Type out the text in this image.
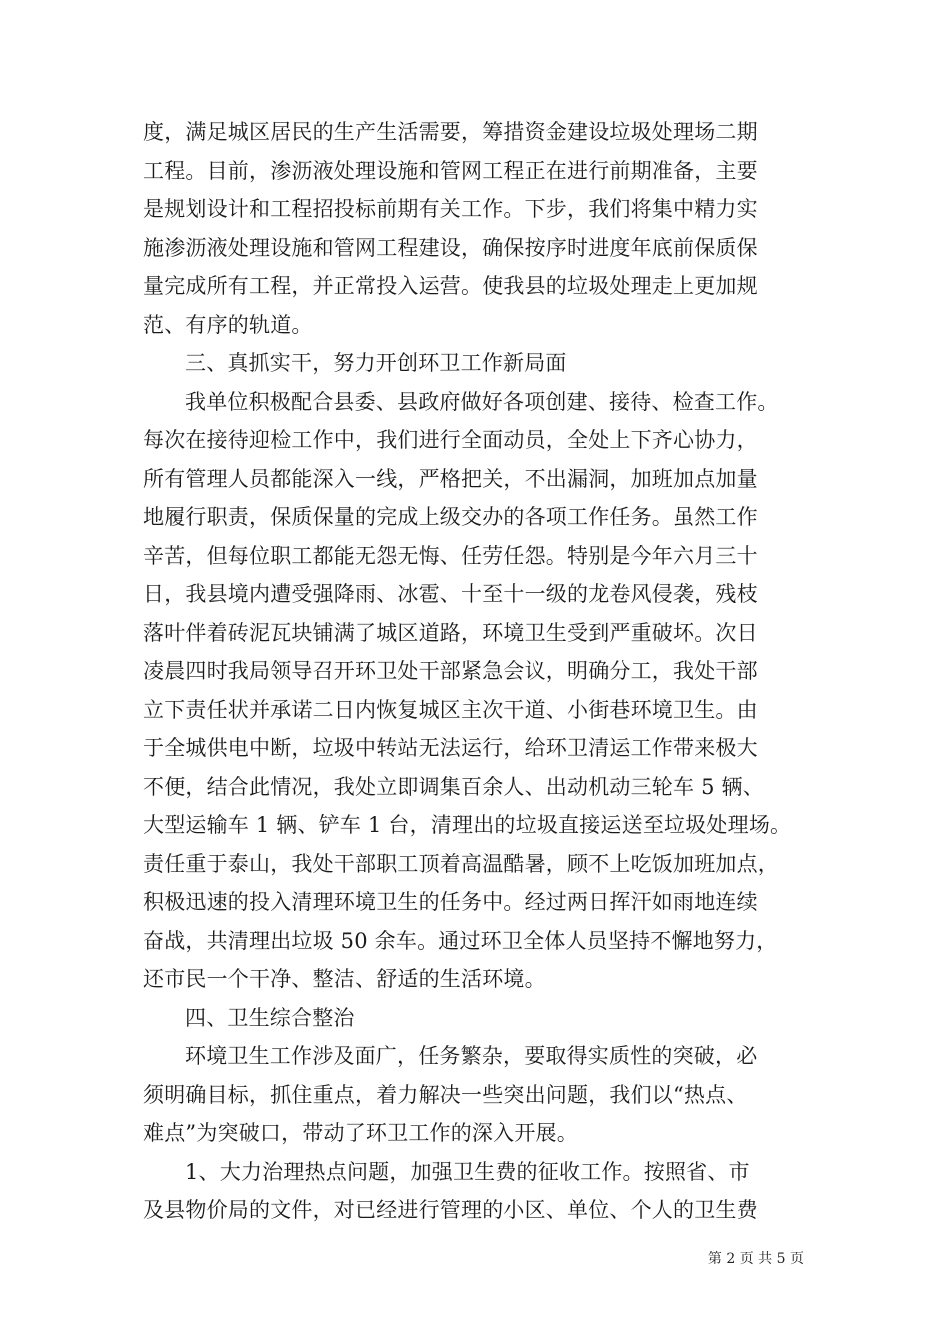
度，满足城区居民的生产生活需要，筹措资金建设垃圾处理场二期
工程。目前，渗沥液处理设施和管网工程正在进行前期准备，主要
是规划设计和工程招投标前期有关工作。下步，我们将集中精力实
施渗沥液处理设施和管网工程建设，确保按序时进度年底前保质保
量完成所有工程，并正常投入运营。使我县的垃圾处理走上更加规
范、有序的轨道。
三、真抓实干，努力开创环卫工作新局面
我单位积极配合县委、县政府做好各项创建、接待、检查工作。
每次在接待迎检工作中，我们进行全面动员，全处上下齐心协力，
所有管理人员都能深入一线，严格把关，不出漏洞，加班加点加量
地履行职责，保质保量的完成上级交办的各项工作任务。虽然工作
辛苦，但每位职工都能无怨无悔、任劳任怨。特别是今年六月三十
日，我县境内遭受强降雨、冰雹、十至十一级的龙卷风侵袭，残枝
落叶伴着砖泥瓦块铺满了城区道路，环境卫生受到严重破坏。次日
凌晨四时我局领导召开环卫处干部紧急会议，明确分工，我处干部
立下责任状并承诺二日内恢复城区主次干道、小街巷环境卫生。由
于全城供电中断，垃圾中转站无法运行，给环卫清运工作带来极大
不便，结合此情况，我处立即调集百余人、出动机动三轮车 5 辆、
大型运输车 1 辆、铲车 1 台，清理出的垃圾直接运送至垃圾处理场。
责任重于泰山，我处干部职工顶着高温酷暑，顾不上吃饭加班加点，
积极迅速的投入清理环境卫生的任务中。经过两日挥汗如雨地连续
奋战，共清理出垃圾 50 余车。通过环卫全体人员坚持不懈地努力，
还市民一个干净、整洁、舒适的生活环境。
四、卫生综合整治
环境卫生工作涉及面广，任务繁杂，要取得实质性的突破，必
须明确目标，抓住重点，着力解决一些突出问题，我们以“热点、
难点”为突破口，带动了环卫工作的深入开展。
1、大力治理热点问题，加强卫生费的征收工作。按照省、市
及县物价局的文件，对已经进行管理的小区、单位、个人的卫生费
第 2 页 共 5 页
